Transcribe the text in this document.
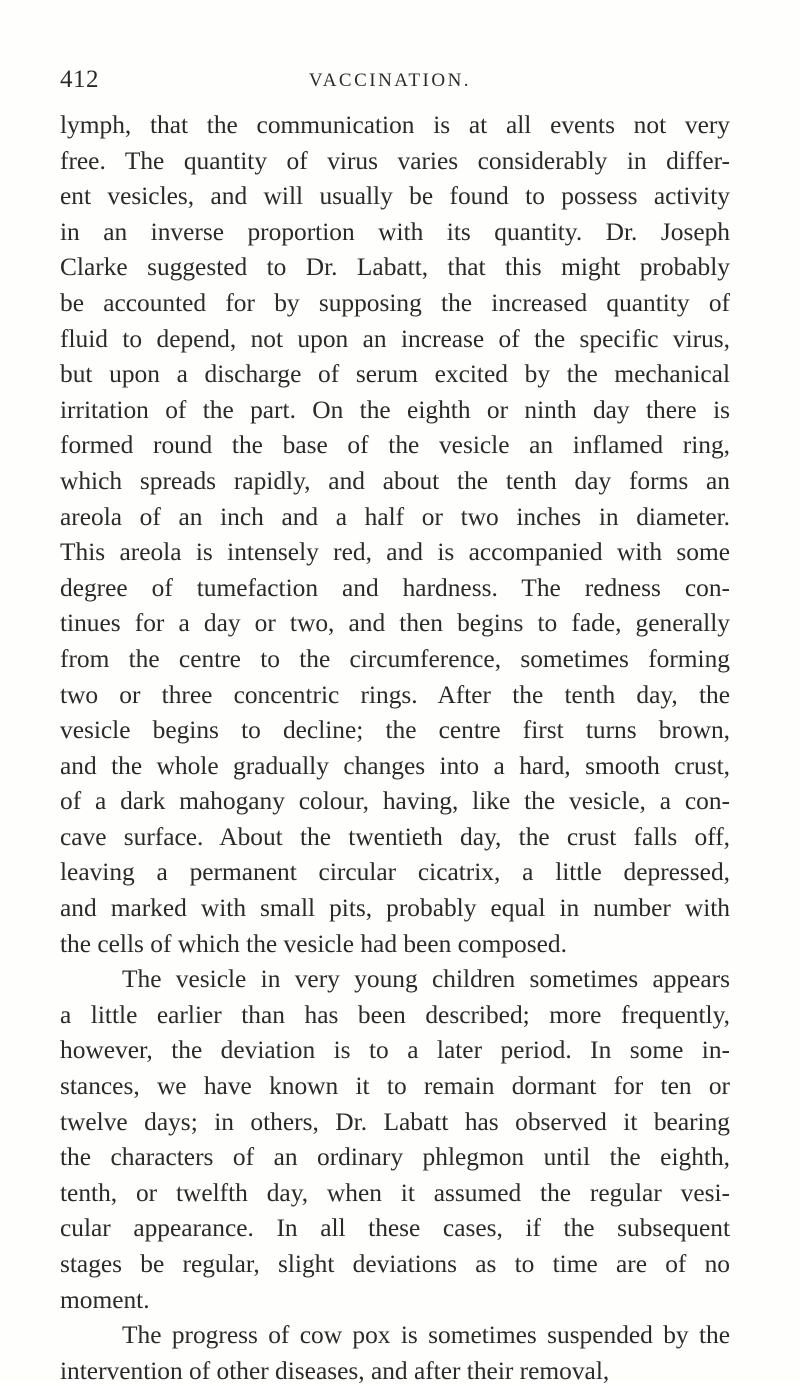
412	VACCINATION.

lymph, that the communication is at all events not very
free. The quantity of virus varies considerably in differ-
ent vesicles, and will usually be found to possess activity
in an inverse proportion with its quantity. Dr. Joseph
Clarke suggested to Dr. Labatt, that this might probably
be accounted for by supposing the increased quantity of
fluid to depend, not upon an increase of the specific virus,
but upon a discharge of serum excited by the mechanical
irritation of the part. On the eighth or ninth day there is
formed round the base of the vesicle an inflamed ring,
which spreads rapidly, and about the tenth day forms an
areola of an inch and a half or two inches in diameter.
This areola is intensely red, and is accompanied with some
degree of tumefaction and hardness. The redness con-
tinues for a day or two, and then begins to fade, generally
from the centre to the circumference, sometimes forming
two or three concentric rings. After the tenth day, the
vesicle begins to decline; the centre first turns brown,
and the whole gradually changes into a hard, smooth crust,
of a dark mahogany colour, having, like the vesicle, a con-
cave surface. About the twentieth day, the crust falls off,
leaving a permanent circular cicatrix, a little depressed,
and marked with small pits, probably equal in number with
the cells of which the vesicle had been composed.

The vesicle in very young children sometimes appears
a little earlier than has been described; more frequently,
however, the deviation is to a later period. In some in-
stances, we have known it to remain dormant for ten or
twelve days; in others, Dr. Labatt has observed it bearing
the characters of an ordinary phlegmon until the eighth,
tenth, or twelfth day, when it assumed the regular vesi-
cular appearance. In all these cases, if the subsequent
stages be regular, slight deviations as to time are of no
moment.

The progress of cow pox is sometimes suspended by the
intervention of other diseases, and after their removal,
